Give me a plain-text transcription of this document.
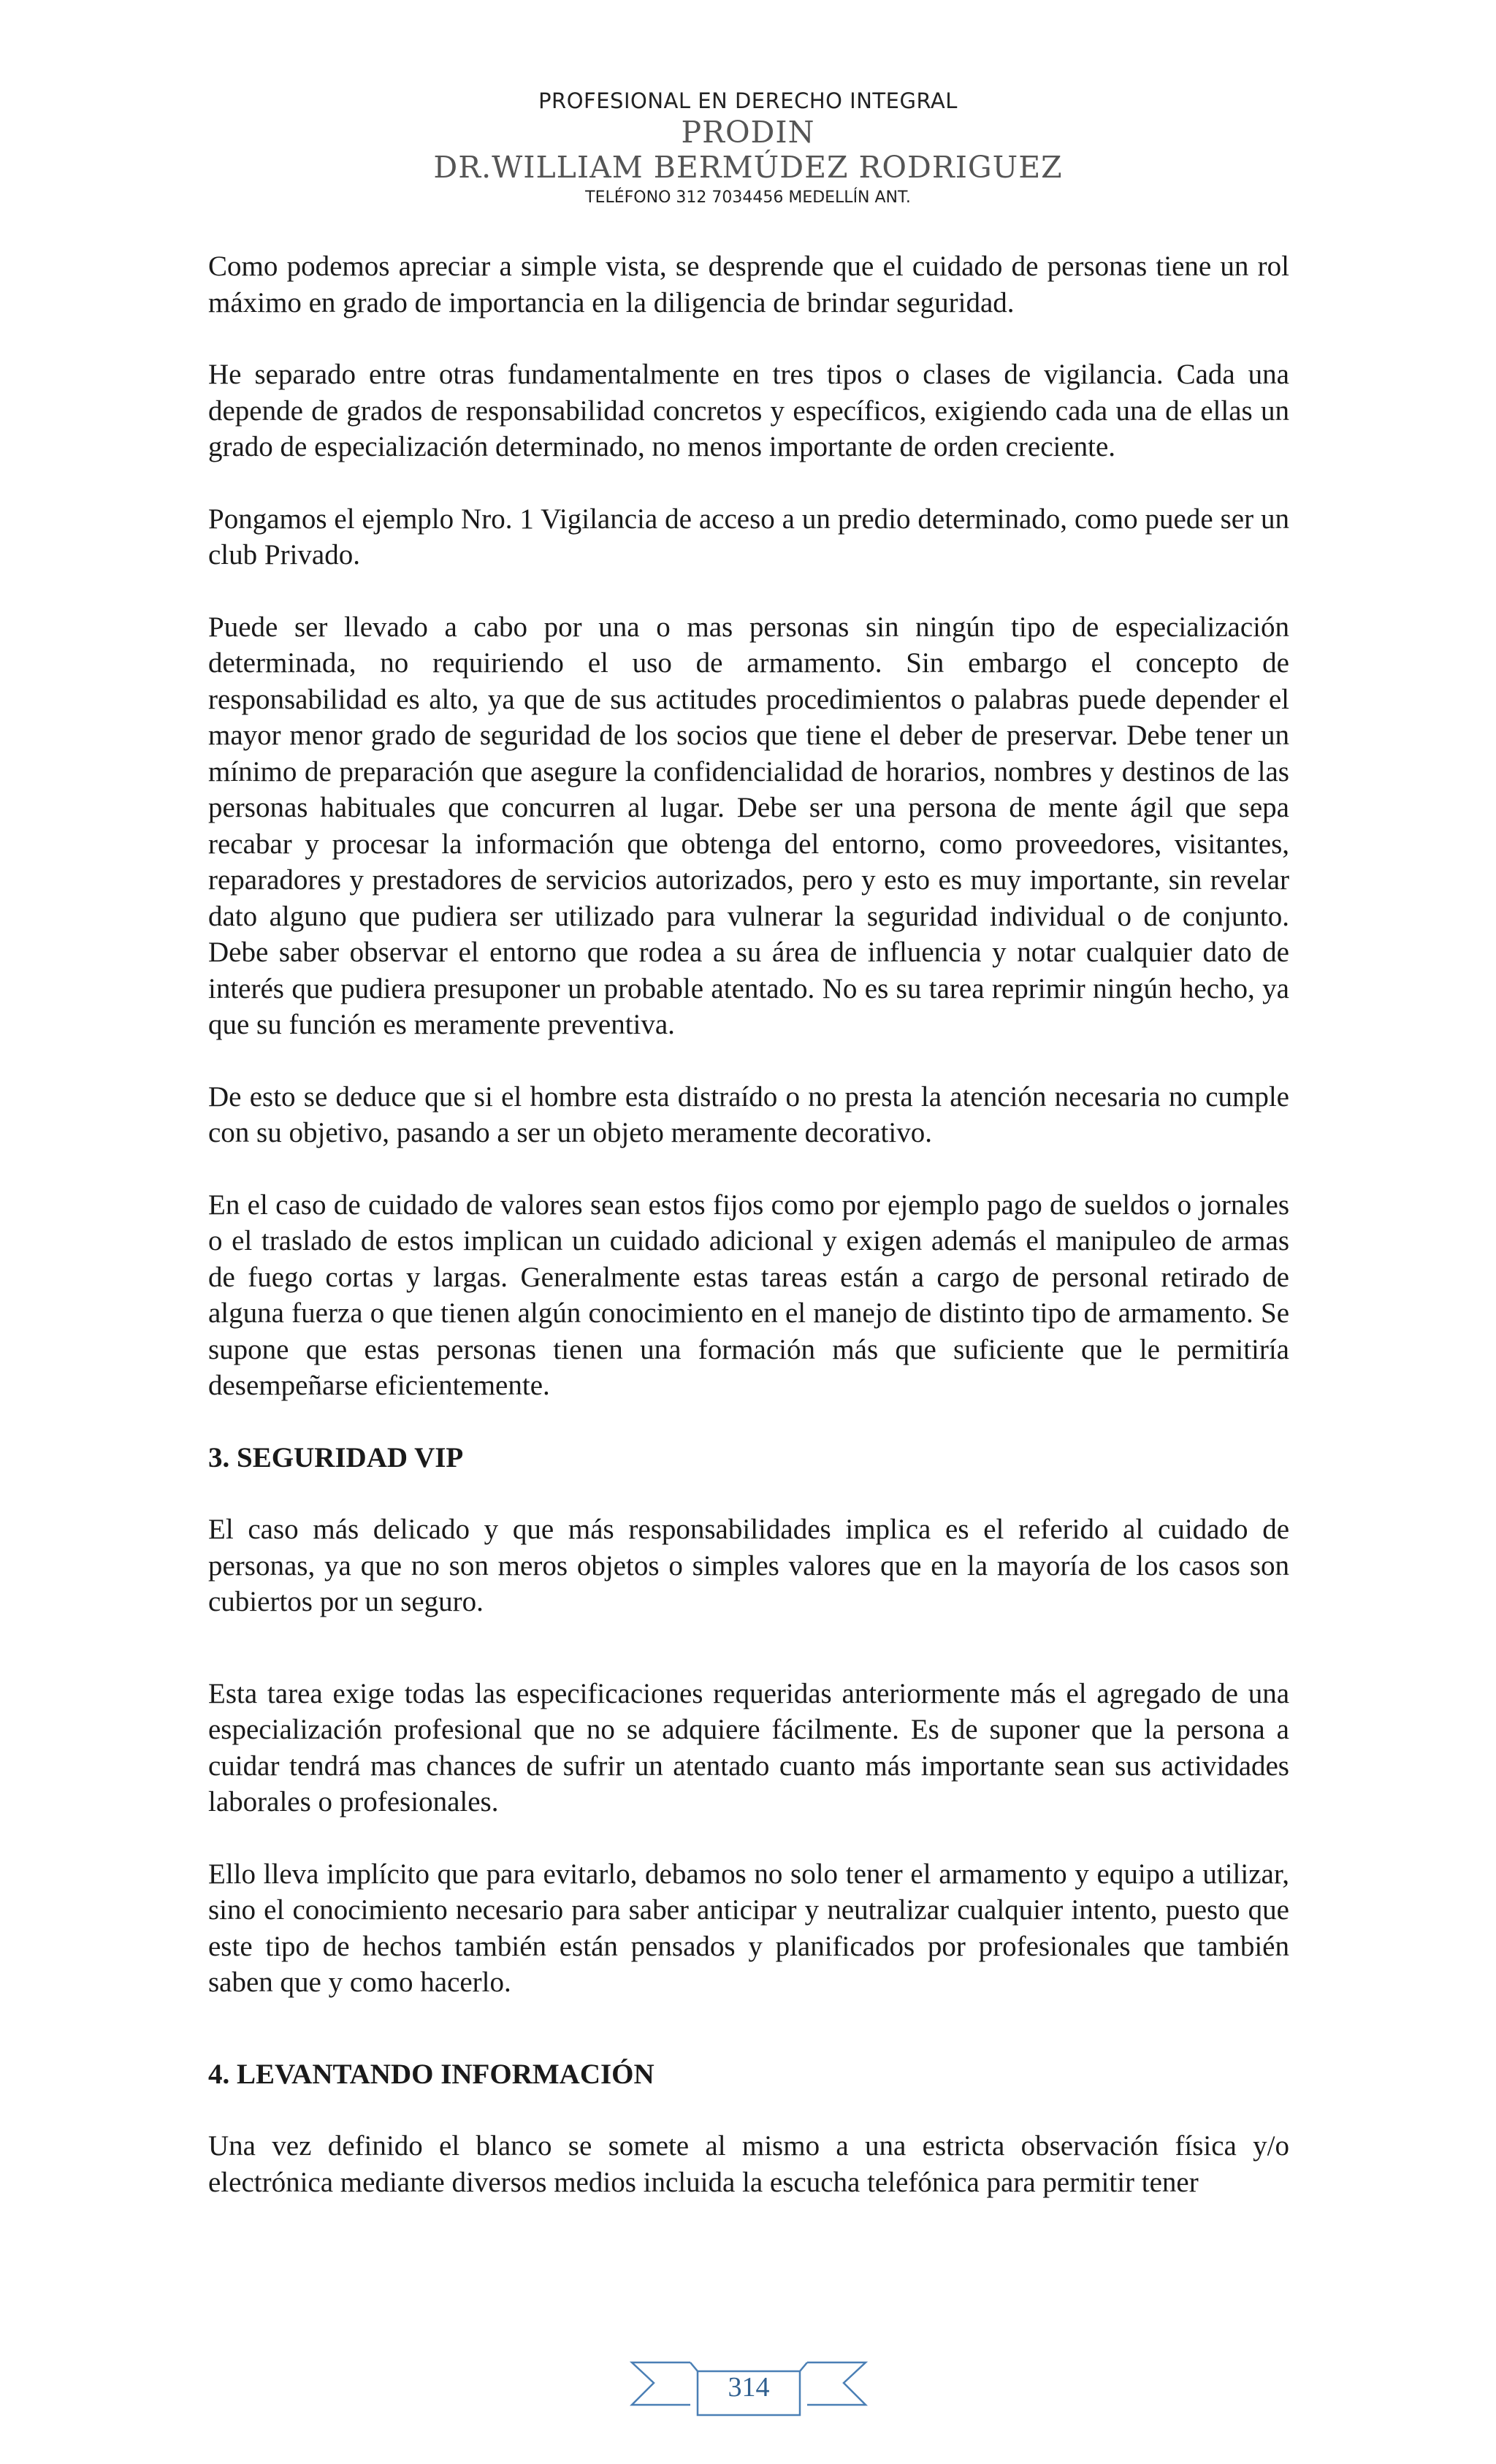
PROFESIONAL EN DERECHO INTEGRAL
PRODIN
DR.WILLIAM BERMÚDEZ RODRIGUEZ
TELÉFONO 312 7034456 MEDELLÍN ANT.

Como podemos apreciar a simple vista, se desprende que el cuidado de personas tiene un rol máximo en grado de importancia en la diligencia de brindar seguridad.

He separado entre otras fundamentalmente en tres tipos o clases de vigilancia. Cada una depende de grados de responsabilidad concretos y específicos, exigiendo cada una de ellas un grado de especialización determinado, no menos importante de orden creciente.

Pongamos el ejemplo Nro. 1 Vigilancia de acceso a un predio determinado, como puede ser un club Privado.

Puede ser llevado a cabo por una o mas personas sin ningún tipo de especialización determinada, no requiriendo el uso de armamento. Sin embargo el concepto de responsabilidad es alto, ya que de sus actitudes procedimientos o palabras puede depender el mayor menor grado de seguridad de los socios que tiene el deber de preservar. Debe tener un mínimo de preparación que asegure la confidencialidad de horarios, nombres y destinos de las personas habituales que concurren al lugar. Debe ser una persona de mente ágil que sepa recabar y procesar la información que obtenga del entorno, como proveedores, visitantes, reparadores y prestadores de servicios autorizados, pero y esto es muy importante, sin revelar dato alguno que pudiera ser utilizado para vulnerar la seguridad individual o de conjunto. Debe saber observar el entorno que rodea a su área de influencia y notar cualquier dato de interés que pudiera presuponer un probable atentado. No es su tarea reprimir ningún hecho, ya que su función es meramente preventiva.

De esto se deduce que si el hombre esta distraído o no presta la atención necesaria no cumple con su objetivo, pasando a ser un objeto meramente decorativo.

En el caso de cuidado de valores sean estos fijos como por ejemplo pago de sueldos o jornales o el traslado de estos implican un cuidado adicional y exigen además el manipuleo de armas de fuego cortas y largas. Generalmente estas tareas están a cargo de personal retirado de alguna fuerza o que tienen algún conocimiento en el manejo de distinto tipo de armamento. Se supone que estas personas tienen una formación más que suficiente que le permitiría desempeñarse eficientemente.

3. SEGURIDAD VIP

El caso más delicado y que más responsabilidades implica es el referido al cuidado de personas, ya que no son meros objetos o simples valores que en la mayoría de los casos son cubiertos por un seguro.

Esta tarea exige todas las especificaciones requeridas anteriormente más el agregado de una especialización profesional que no se adquiere fácilmente. Es de suponer que la persona a cuidar tendrá mas chances de sufrir un atentado cuanto más importante sean sus actividades laborales o profesionales.

Ello lleva implícito que para evitarlo, debamos no solo tener el armamento y equipo a utilizar, sino el conocimiento necesario para saber anticipar y neutralizar cualquier intento, puesto que este tipo de hechos también están pensados y planificados por profesionales que también saben que y como hacerlo.

4. LEVANTANDO INFORMACIÓN

Una vez definido el blanco se somete al mismo a una estricta observación física y/o electrónica mediante diversos medios incluida la escucha telefónica para permitir tener

314
